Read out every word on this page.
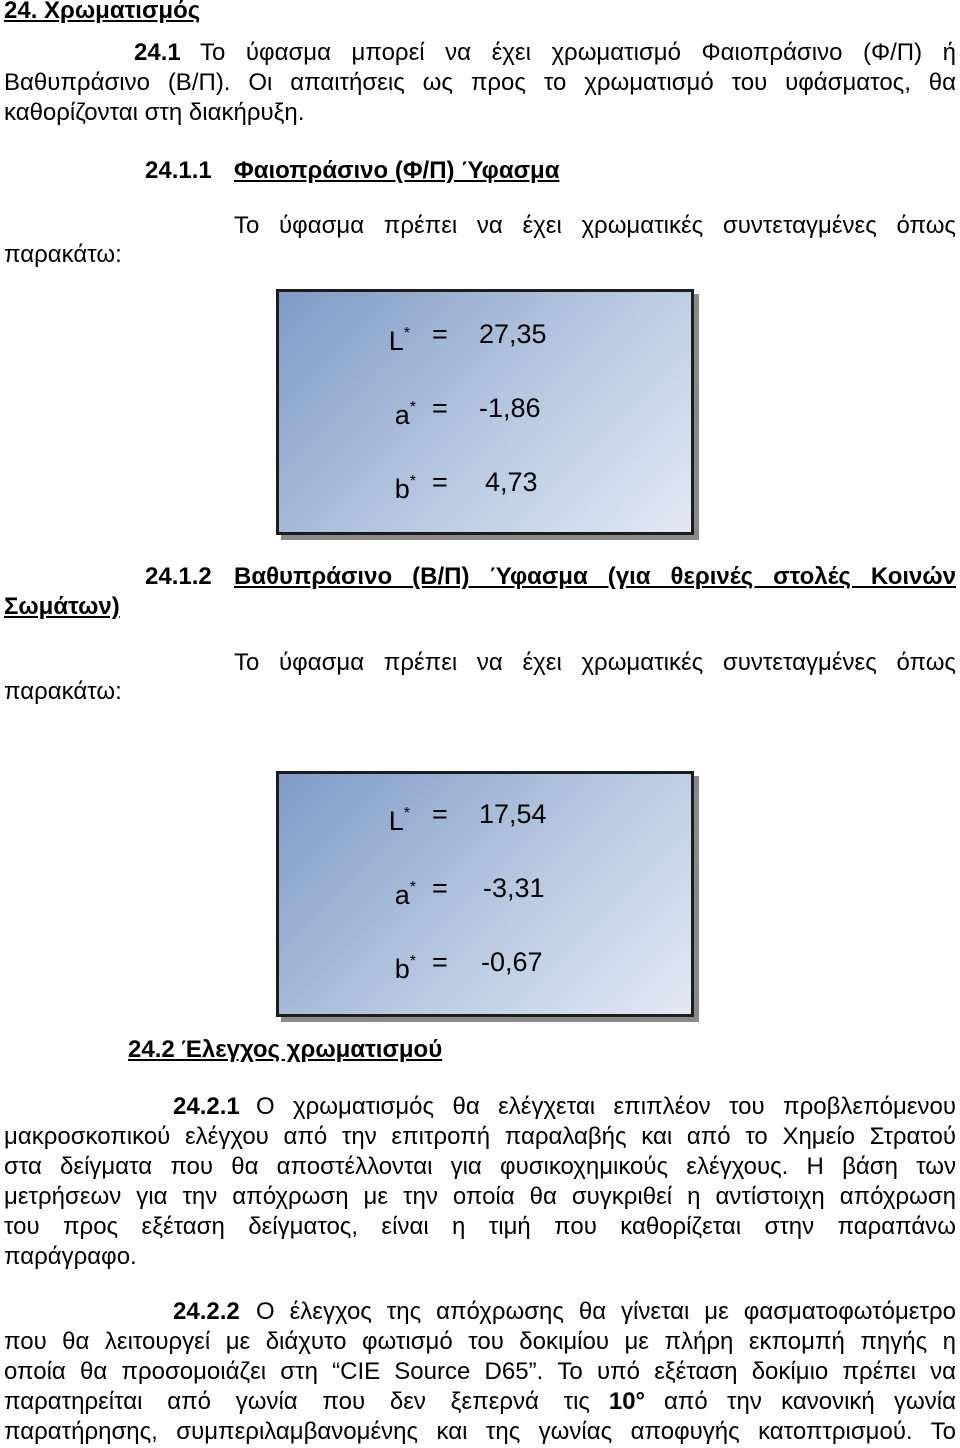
24. Χρωματισμός
24.1 Το ύφασμα μπορεί να έχει χρωματισμό Φαιοπράσινο (Φ/Π) ή
Βαθυπράσινο (Β/Π). Οι απαιτήσεις ως προς το χρωματισμό του υφάσματος, θα
καθορίζονται στη διακήρυξη.
24.1.1 Φαιοπράσινο (Φ/Π) Ύφασμα
Το ύφασμα πρέπει να έχει χρωματικές συντεταγμένες όπως
παρακάτω:
L* = 27,35
a* = -1,86
b* = 4,73
24.1.2 Βαθυπράσινο (Β/Π) Ύφασμα (για θερινές στολές Κοινών
Σωμάτων)
Το ύφασμα πρέπει να έχει χρωματικές συντεταγμένες όπως
παρακάτω:
L* = 17,54
a* = -3,31
b* = -0,67
24.2 Έλεγχος χρωματισμού
24.2.1 Ο χρωματισμός θα ελέγχεται επιπλέον του προβλεπόμενου
μακροσκοπικού ελέγχου από την επιτροπή παραλαβής και από το Χημείο Στρατού
στα δείγματα που θα αποστέλλονται για φυσικοχημικούς ελέγχους. Η βάση των
μετρήσεων για την απόχρωση με την οποία θα συγκριθεί η αντίστοιχη απόχρωση
του προς εξέταση δείγματος, είναι η τιμή που καθορίζεται στην παραπάνω
παράγραφο.
24.2.2 Ο έλεγχος της απόχρωσης θα γίνεται με φασματοφωτόμετρο
που θα λειτουργεί με διάχυτο φωτισμό του δοκιμίου με πλήρη εκπομπή πηγής η
οποία θα προσομοιάζει στη “CIE Source D65”. Το υπό εξέταση δοκίμιο πρέπει να
παρατηρείται από γωνία που δεν ξεπερνά τις 10° από την κανονική γωνία
παρατήρησης, συμπεριλαμβανομένης και της γωνίας αποφυγής κατοπτρισμού. Το
